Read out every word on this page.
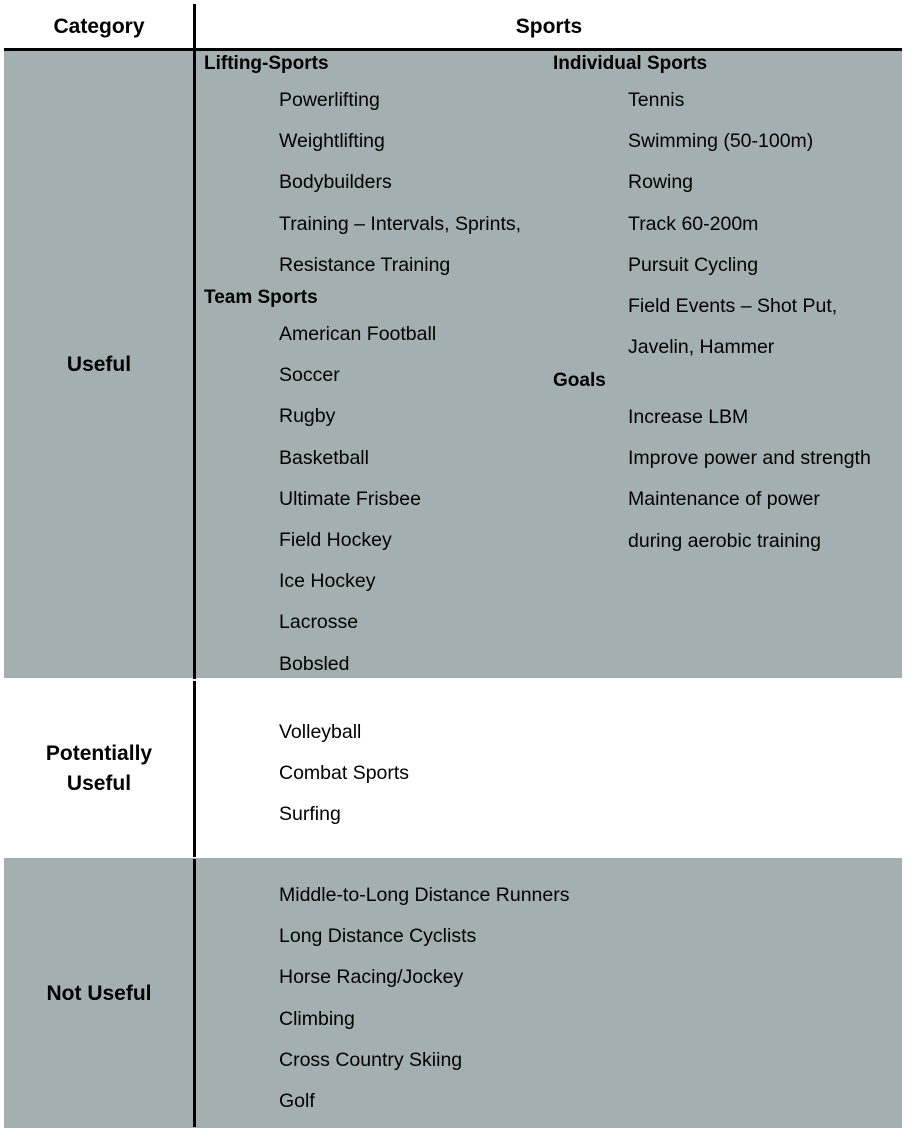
Category	Sports
Useful
Lifting-Sports
Powerlifting
Weightlifting
Bodybuilders
Training – Intervals, Sprints,
Resistance Training
Team Sports
American Football
Soccer
Rugby
Basketball
Ultimate Frisbee
Field Hockey
Ice Hockey
Lacrosse
Bobsled
Individual Sports
Tennis
Swimming (50-100m)
Rowing
Track 60-200m
Pursuit Cycling
Field Events – Shot Put,
Javelin, Hammer
Goals
Increase LBM
Improve power and strength
Maintenance of power
during aerobic training
Potentially
Useful
Volleyball
Combat Sports
Surfing
Not Useful
Middle-to-Long Distance Runners
Long Distance Cyclists
Horse Racing/Jockey
Climbing
Cross Country Skiing
Golf
